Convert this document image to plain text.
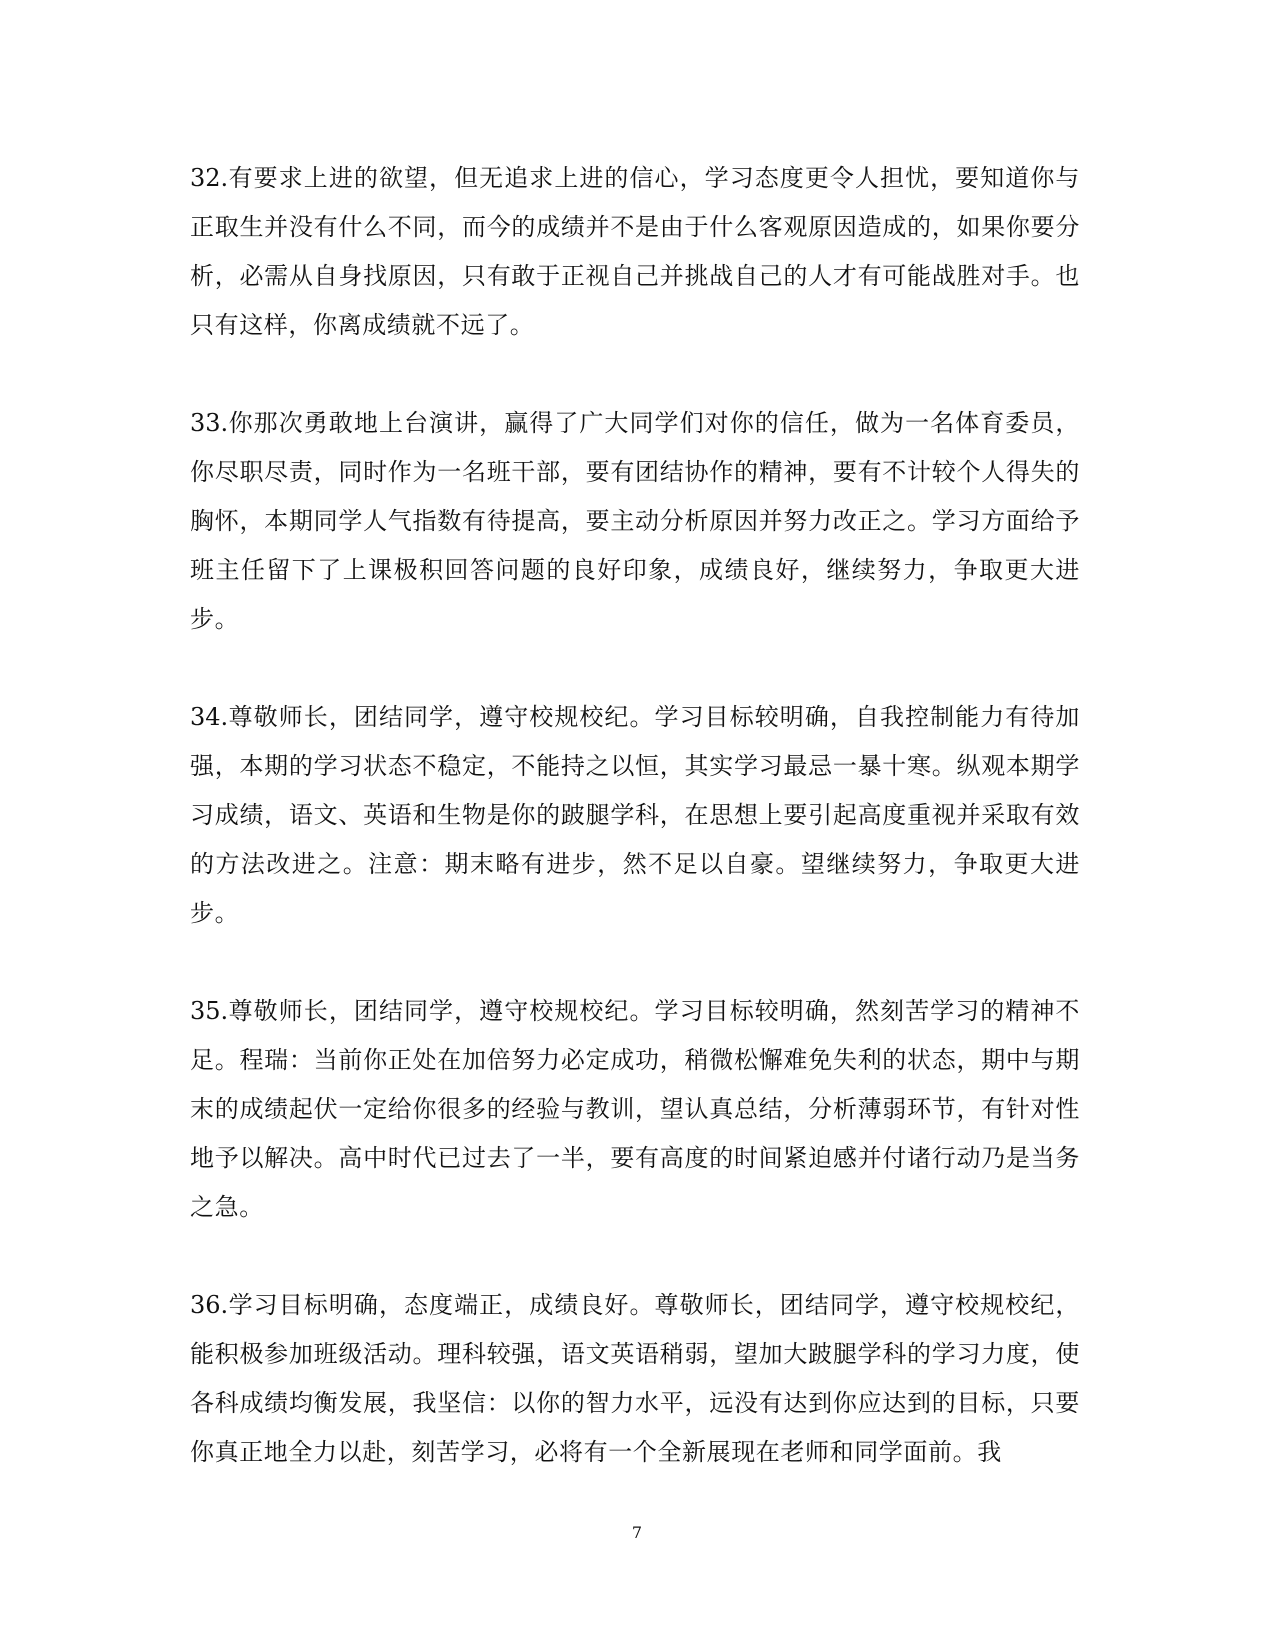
32.有要求上进的欲望，但无追求上进的信心，学习态度更令人担忧，要知道你与正取生并没有什么不同，而今的成绩并不是由于什么客观原因造成的，如果你要分析，必需从自身找原因，只有敢于正视自己并挑战自己的人才有可能战胜对手。也只有这样，你离成绩就不远了。

33.你那次勇敢地上台演讲，赢得了广大同学们对你的信任，做为一名体育委员，你尽职尽责，同时作为一名班干部，要有团结协作的精神，要有不计较个人得失的胸怀，本期同学人气指数有待提高，要主动分析原因并努力改正之。学习方面给予班主任留下了上课极积回答问题的良好印象，成绩良好，继续努力，争取更大进步。

34.尊敬师长，团结同学，遵守校规校纪。学习目标较明确，自我控制能力有待加强，本期的学习状态不稳定，不能持之以恒，其实学习最忌一暴十寒。纵观本期学习成绩，语文、英语和生物是你的跛腿学科，在思想上要引起高度重视并采取有效的方法改进之。注意：期末略有进步，然不足以自豪。望继续努力，争取更大进步。

35.尊敬师长，团结同学，遵守校规校纪。学习目标较明确，然刻苦学习的精神不足。程瑞：当前你正处在加倍努力必定成功，稍微松懈难免失利的状态，期中与期末的成绩起伏一定给你很多的经验与教训，望认真总结，分析薄弱环节，有针对性地予以解决。高中时代已过去了一半，要有高度的时间紧迫感并付诸行动乃是当务之急。

36.学习目标明确，态度端正，成绩良好。尊敬师长，团结同学，遵守校规校纪，能积极参加班级活动。理科较强，语文英语稍弱，望加大跛腿学科的学习力度，使各科成绩均衡发展，我坚信：以你的智力水平，远没有达到你应达到的目标，只要你真正地全力以赴，刻苦学习，必将有一个全新展现在老师和同学面前。我

7
